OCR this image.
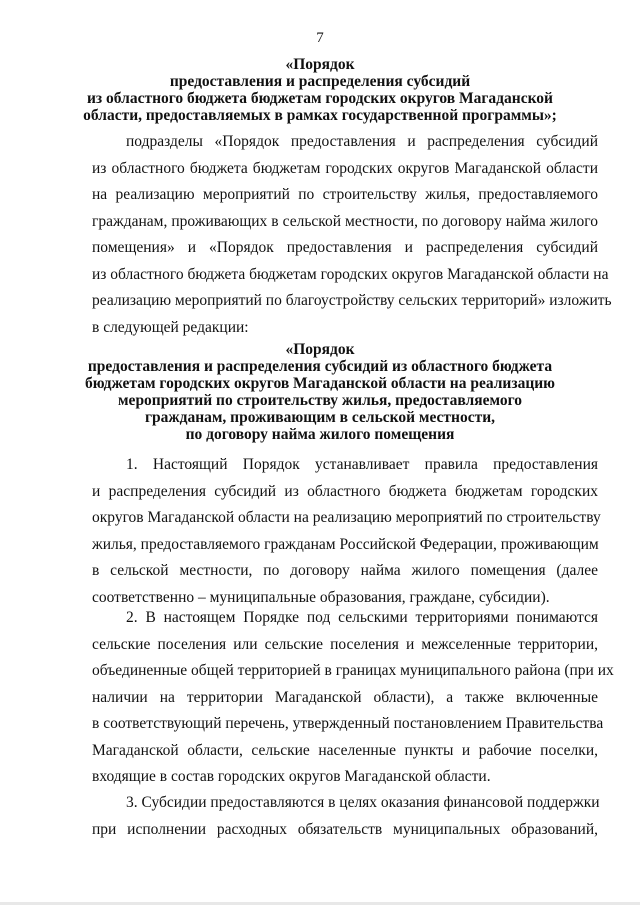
7
«Порядок
предоставления и распределения субсидий
из областного бюджета бюджетам городских округов Магаданской
области, предоставляемых в рамках государственной программы»;
подразделы «Порядок предоставления и распределения субсидий
из областного бюджета бюджетам городских округов Магаданской области
на реализацию мероприятий по строительству жилья, предоставляемого
гражданам, проживающих в сельской местности, по договору найма жилого
помещения» и «Порядок предоставления и распределения субсидий
из областного бюджета бюджетам городских округов Магаданской области на
реализацию мероприятий по благоустройству сельских территорий» изложить
в следующей редакции:
«Порядок
предоставления и распределения субсидий из областного бюджета
бюджетам городских округов Магаданской области на реализацию
мероприятий по строительству жилья, предоставляемого
гражданам, проживающим в сельской местности,
по договору найма жилого помещения
1. Настоящий Порядок устанавливает правила предоставления
и распределения субсидий из областного бюджета бюджетам городских
округов Магаданской области на реализацию мероприятий по строительству
жилья, предоставляемого гражданам Российской Федерации, проживающим
в сельской местности, по договору найма жилого помещения (далее
соответственно – муниципальные образования, граждане, субсидии).
2. В настоящем Порядке под сельскими территориями понимаются
сельские поселения или сельские поселения и межселенные территории,
объединенные общей территорией в границах муниципального района (при их
наличии на территории Магаданской области), а также включенные
в соответствующий перечень, утвержденный постановлением Правительства
Магаданской области, сельские населенные пункты и рабочие поселки,
входящие в состав городских округов Магаданской области.
3. Субсидии предоставляются в целях оказания финансовой поддержки
при исполнении расходных обязательств муниципальных образований,
